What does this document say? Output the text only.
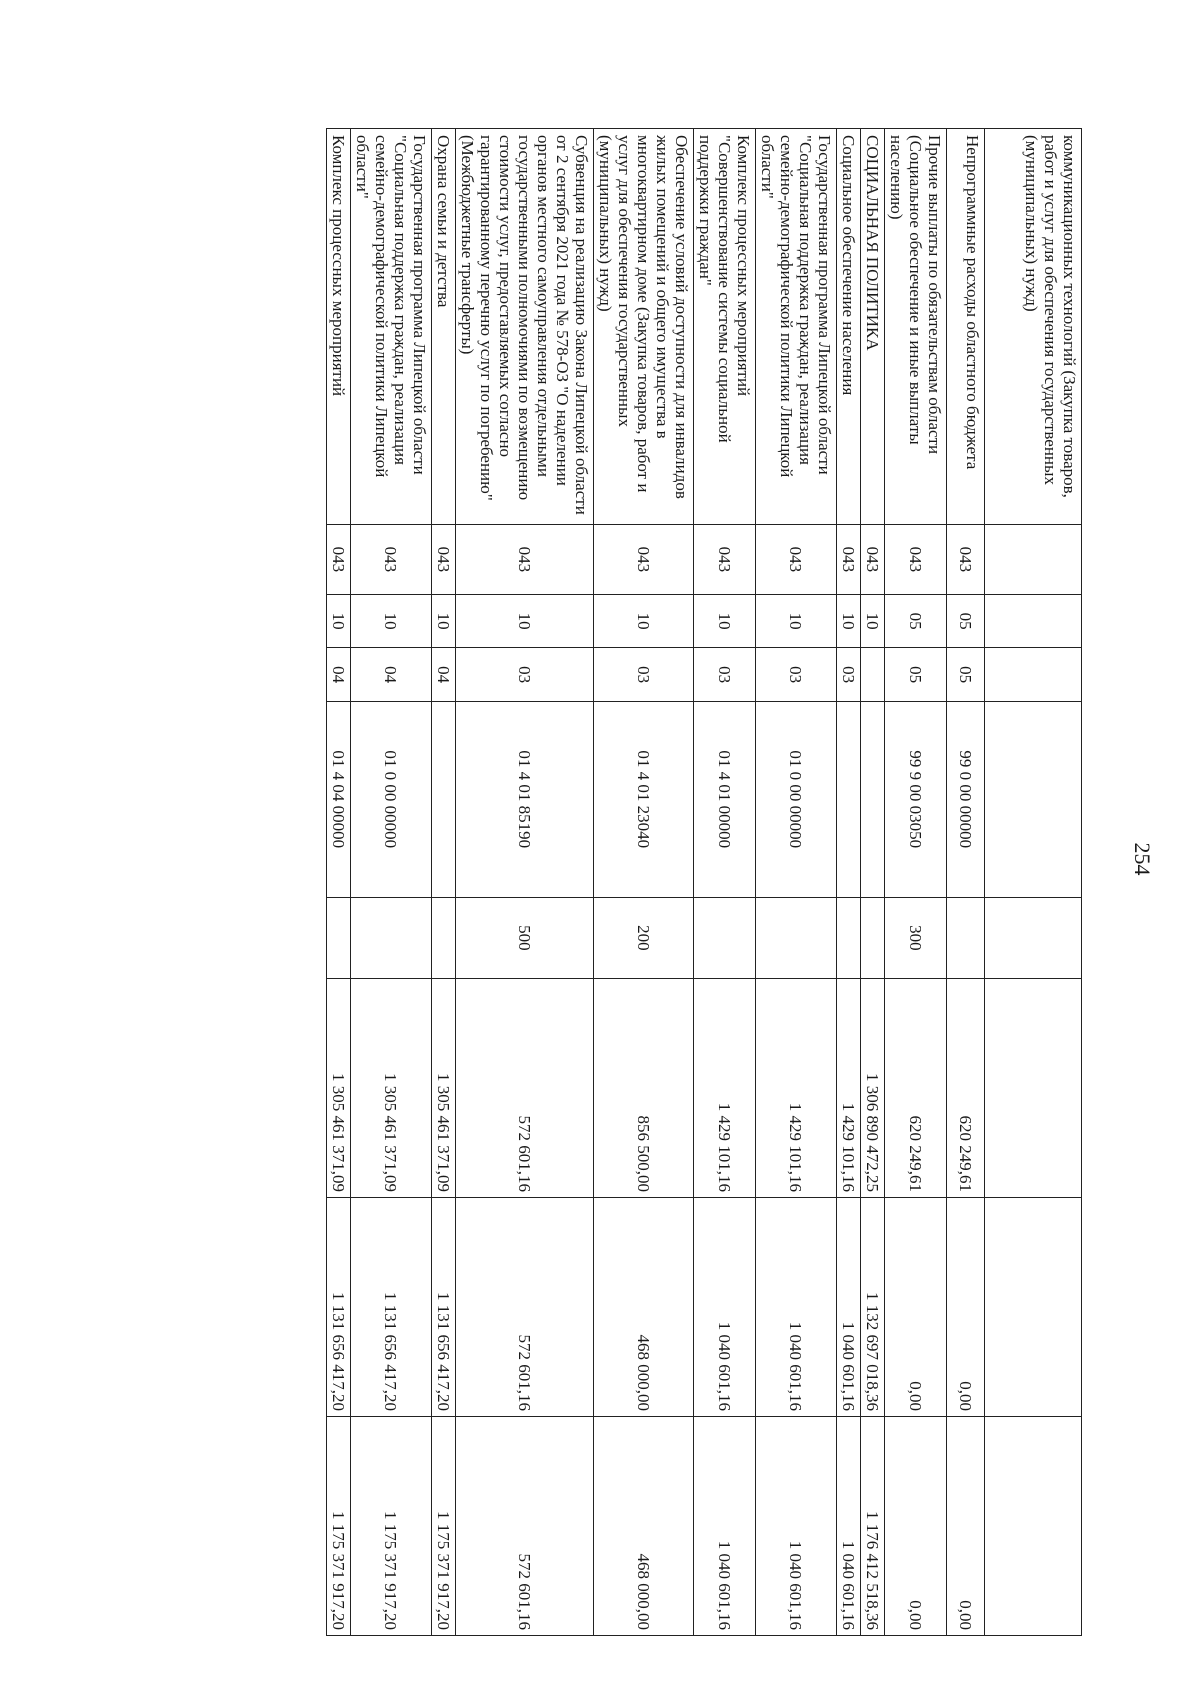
254
коммуникационных технологий (Закупка товаров, работ и услуг для обеспечения государственных (муниципальных) нужд)								
Непрограммные расходы областного бюджета	043	05	05	99 0 00 00000		620 249,61	0,00	0,00
Прочие выплаты по обязательствам области (Социальное обеспечение и иные выплаты населению)	043	05	05	99 9 00 03050	300	620 249,61	0,00	0,00
СОЦИАЛЬНАЯ ПОЛИТИКА	043	10				1 306 890 472,25	1 132 697 018,36	1 176 412 518,36
Социальное обеспечение населения	043	10	03			1 429 101,16	1 040 601,16	1 040 601,16
Государственная программа Липецкой области "Социальная поддержка граждан, реализация семейно-демографической политики Липецкой области"	043	10	03	01 0 00 00000		1 429 101,16	1 040 601,16	1 040 601,16
Комплекс процессных мероприятий "Совершенствование системы социальной поддержки граждан"	043	10	03	01 4 01 00000		1 429 101,16	1 040 601,16	1 040 601,16
Обеспечение условий доступности для инвалидов жилых помещений и общего имущества в многоквартирном доме (Закупка товаров, работ и услуг для обеспечения государственных (муниципальных) нужд)	043	10	03	01 4 01 23040	200	856 500,00	468 000,00	468 000,00
Субвенция на реализацию Закона Липецкой области от 2 сентября 2021 года № 578-ОЗ "О наделении органов местного самоуправления отдельными государственными полномочиями по возмещению стоимости услуг, предоставляемых согласно гарантированному перечню услуг по погребению" (Межбюджетные трансферты)	043	10	03	01 4 01 85190	500	572 601,16	572 601,16	572 601,16
Охрана семьи и детства	043	10	04			1 305 461 371,09	1 131 656 417,20	1 175 371 917,20
Государственная программа Липецкой области "Социальная поддержка граждан, реализация семейно-демографической политики Липецкой области"	043	10	04	01 0 00 00000		1 305 461 371,09	1 131 656 417,20	1 175 371 917,20
Комплекс процессных мероприятий	043	10	04	01 4 04 00000		1 305 461 371,09	1 131 656 417,20	1 175 371 917,20
